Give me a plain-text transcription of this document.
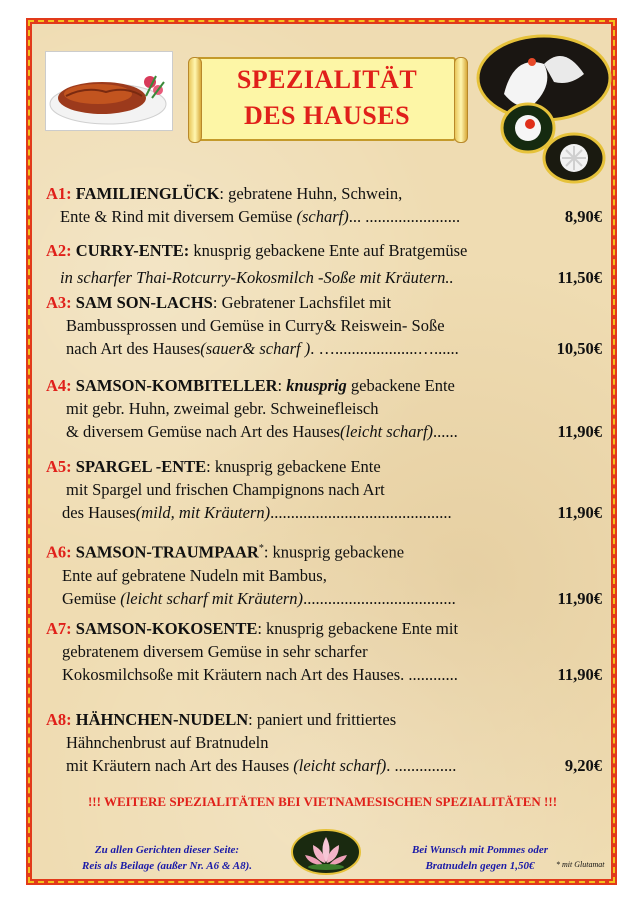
SPEZIALITÄT
DES HAUSES
A1: FAMILIENGLÜCK: gebratene Huhn, Schwein,
Ente & Rind mit diversem Gemüse (scharf)... .......................	8,90€
A2: CURRY-ENTE: knusprig gebackene Ente auf Bratgemüse
in scharfer Thai-Rotcurry-Kokosmilch -Soße mit Kräutern..	11,50€
A3: SAM SON-LACHS: Gebratener Lachsfilet mit
Bambussprossen und Gemüse in Curry& Reiswein- Soße
nach Art des Hauses(sauer& scharf ). …....................…......	10,50€
A4: SAMSON-KOMBITELLER: knusprig gebackene Ente
mit gebr. Huhn, zweimal gebr. Schweinefleisch
& diversem Gemüse nach Art des Hauses(leicht scharf)......	11,90€
A5: SPARGEL -ENTE: knusprig gebackene Ente
mit Spargel und frischen Champignons nach Art
des Hauses(mild, mit Kräutern)............................................	11,90€
A6: SAMSON-TRAUMPAAR*: knusprig gebackene
Ente auf gebratene Nudeln mit Bambus,
Gemüse (leicht scharf mit Kräutern).....................................	11,90€
A7: SAMSON-KOKOSENTE: knusprig gebackene Ente mit
gebratenem diversem Gemüse in sehr scharfer
Kokosmilchsoße mit Kräutern nach Art des Hauses. ............	11,90€
A8: HÄHNCHEN-NUDELN: paniert und frittiertes
Hähnchenbrust auf Bratnudeln
mit Kräutern nach Art des Hauses (leicht scharf). ...............	9,20€
!!! WEITERE SPEZIALITÄTEN BEI VIETNAMESISCHEN SPEZIALITÄTEN !!!
Zu allen Gerichten dieser Seite:
Reis als Beilage (außer Nr. A6 & A8).
Bei Wunsch mit Pommes oder
Bratnudeln gegen 1,50€	* mit Glutamat
